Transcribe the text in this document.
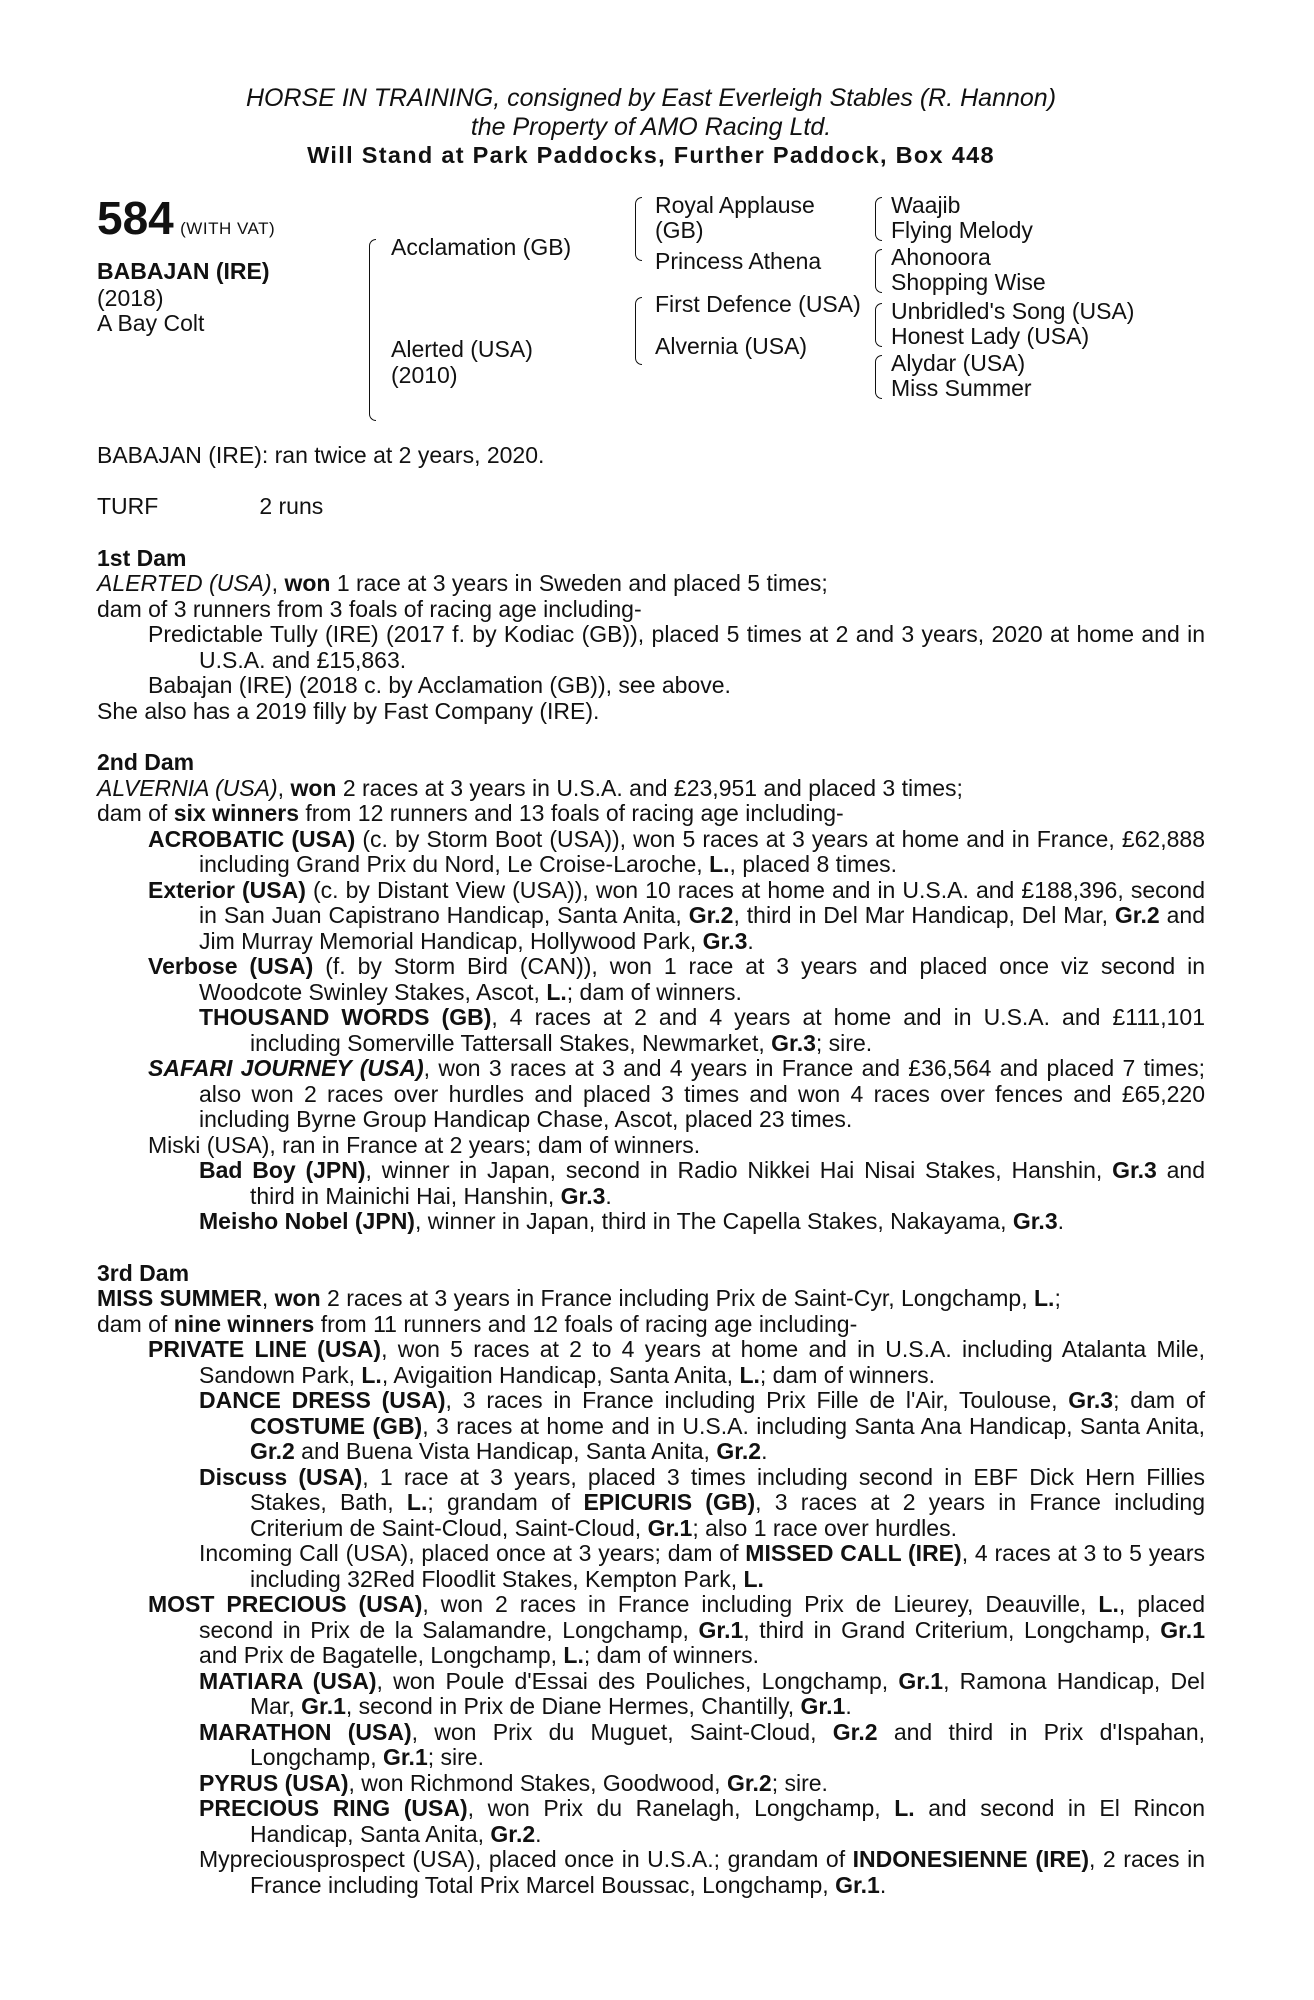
HORSE IN TRAINING, consigned by East Everleigh Stables (R. Hannon)
the Property of AMO Racing Ltd.
Will Stand at Park Paddocks, Further Paddock, Box 448
584 (WITH VAT)
BABAJAN (IRE)
(2018)
A Bay Colt
Acclamation (GB)
Alerted (USA)
(2010)
Royal Applause
(GB)
Princess Athena
First Defence (USA)
Alvernia (USA)
Waajib
Flying Melody
Ahonoora
Shopping Wise
Unbridled's Song (USA)
Honest Lady (USA)
Alydar (USA)
Miss Summer

BABAJAN (IRE): ran twice at 2 years, 2020.

TURF	2 runs

1st Dam

ALERTED (USA), won 1 race at 3 years in Sweden and placed 5 times;

dam of 3 runners from 3 foals of racing age including-

Predictable Tully (IRE) (2017 f. by Kodiac (GB)), placed 5 times at 2 and 3 years, 2020 at home and in U.S.A. and £15,863.

Babajan (IRE) (2018 c. by Acclamation (GB)), see above.

She also has a 2019 filly by Fast Company (IRE).

2nd Dam

ALVERNIA (USA), won 2 races at 3 years in U.S.A. and £23,951 and placed 3 times;

dam of six winners from 12 runners and 13 foals of racing age including-

ACROBATIC (USA) (c. by Storm Boot (USA)), won 5 races at 3 years at home and in France, £62,888 including Grand Prix du Nord, Le Croise-Laroche, L., placed 8 times.

Exterior (USA) (c. by Distant View (USA)), won 10 races at home and in U.S.A. and £188,396, second in San Juan Capistrano Handicap, Santa Anita, Gr.2, third in Del Mar Handicap, Del Mar, Gr.2 and Jim Murray Memorial Handicap, Hollywood Park, Gr.3.

Verbose (USA) (f. by Storm Bird (CAN)), won 1 race at 3 years and placed once viz second in Woodcote Swinley Stakes, Ascot, L.; dam of winners.

THOUSAND WORDS (GB), 4 races at 2 and 4 years at home and in U.S.A. and £111,101 including Somerville Tattersall Stakes, Newmarket, Gr.3; sire.

SAFARI JOURNEY (USA), won 3 races at 3 and 4 years in France and £36,564 and placed 7 times; also won 2 races over hurdles and placed 3 times and won 4 races over fences and £65,220 including Byrne Group Handicap Chase, Ascot, placed 23 times.

Miski (USA), ran in France at 2 years; dam of winners.

Bad Boy (JPN), winner in Japan, second in Radio Nikkei Hai Nisai Stakes, Hanshin, Gr.3 and third in Mainichi Hai, Hanshin, Gr.3.

Meisho Nobel (JPN), winner in Japan, third in The Capella Stakes, Nakayama, Gr.3.

3rd Dam

MISS SUMMER, won 2 races at 3 years in France including Prix de Saint-Cyr, Longchamp, L.;

dam of nine winners from 11 runners and 12 foals of racing age including-

PRIVATE LINE (USA), won 5 races at 2 to 4 years at home and in U.S.A. including Atalanta Mile, Sandown Park, L., Avigaition Handicap, Santa Anita, L.; dam of winners.

DANCE DRESS (USA), 3 races in France including Prix Fille de l'Air, Toulouse, Gr.3; dam of COSTUME (GB), 3 races at home and in U.S.A. including Santa Ana Handicap, Santa Anita, Gr.2 and Buena Vista Handicap, Santa Anita, Gr.2.

Discuss (USA), 1 race at 3 years, placed 3 times including second in EBF Dick Hern Fillies Stakes, Bath, L.; grandam of EPICURIS (GB), 3 races at 2 years in France including Criterium de Saint-Cloud, Saint-Cloud, Gr.1; also 1 race over hurdles.

Incoming Call (USA), placed once at 3 years; dam of MISSED CALL (IRE), 4 races at 3 to 5 years including 32Red Floodlit Stakes, Kempton Park, L.

MOST PRECIOUS (USA), won 2 races in France including Prix de Lieurey, Deauville, L., placed second in Prix de la Salamandre, Longchamp, Gr.1, third in Grand Criterium, Longchamp, Gr.1 and Prix de Bagatelle, Longchamp, L.; dam of winners.

MATIARA (USA), won Poule d'Essai des Pouliches, Longchamp, Gr.1, Ramona Handicap, Del Mar, Gr.1, second in Prix de Diane Hermes, Chantilly, Gr.1.

MARATHON (USA), won Prix du Muguet, Saint-Cloud, Gr.2 and third in Prix d'Ispahan, Longchamp, Gr.1; sire.

PYRUS (USA), won Richmond Stakes, Goodwood, Gr.2; sire.

PRECIOUS RING (USA), won Prix du Ranelagh, Longchamp, L. and second in El Rincon Handicap, Santa Anita, Gr.2.

Mypreciousprospect (USA), placed once in U.S.A.; grandam of INDONESIENNE (IRE), 2 races in France including Total Prix Marcel Boussac, Longchamp, Gr.1.
